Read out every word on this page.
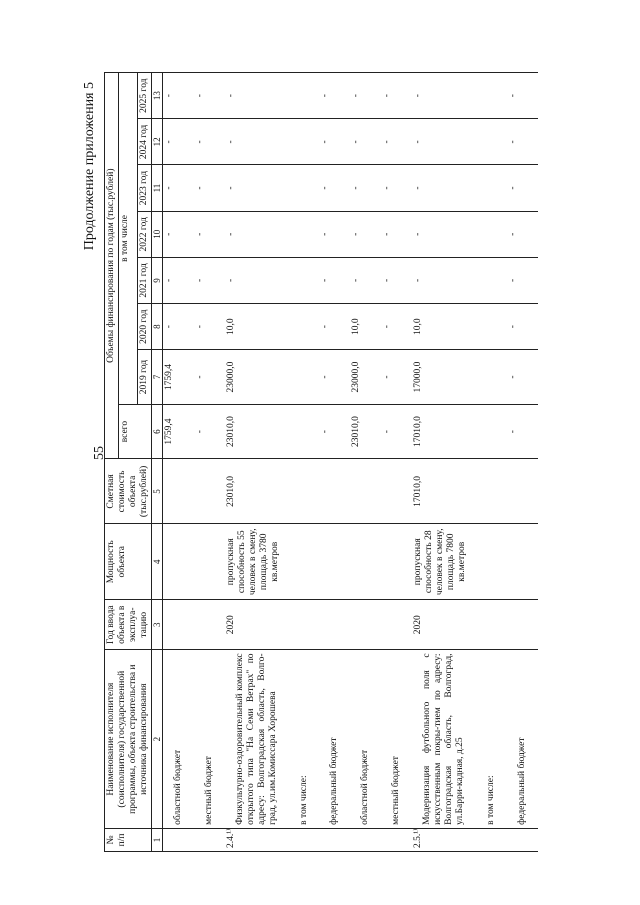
55
Продолжение приложения 5
№ п/п	Наименование исполнителя (соисполнителя) государственной программы, объекта строительства и источника финансирования	Год ввода объекта в эксплуа-тацию	Мощность объекта	Сметная стоимость объекта (тыс.рублей)	Объемы финансирования по годам (тыс.рублей)							
					всего	в том числе						
						2019 год	2020 год	2021 год	2022 год	2023 год	2024 год	2025 год
1	2	3	4	5	6	7	8	9	10	11	12	13
	областной бюджет				1759,4	1759,4	-	-	-	-	-	-
	местный бюджет				-	-	-	-	-	-	-	-
2.4.¹⁾	Физкультурно-оздоровительный комплекс открытого типа "На Семи Ветрах" по адресу: Волгоградская область, Волго-град, ул.им.Комиссара Хорошева	2020	пропускная способность 55 человек в смену, площадь 3780 кв.метров	23010,0	23010,0	23000,0	10,0	-	-	-	-	-
	в том числе:											
	федеральный бюджет				-	-	-	-	-	-	-	-
	областной бюджет				23010,0	23000,0	10,0	-	-	-	-	-
	местный бюджет				-	-	-	-	-	-	-	-
2.5.¹⁾	Модернизация футбольного поля с искусственным покры-тием по адресу: Волгоградская область, Волгоград, ул.Барри-кадная, д.25	2020	пропускная способность 28 человек в смену, площадь 7800 кв.метров	17010,0	17010,0	17000,0	10,0	-	-	-	-	-
	в том числе:											
	федеральный бюджет				-	-	-	-	-	-	-	-
